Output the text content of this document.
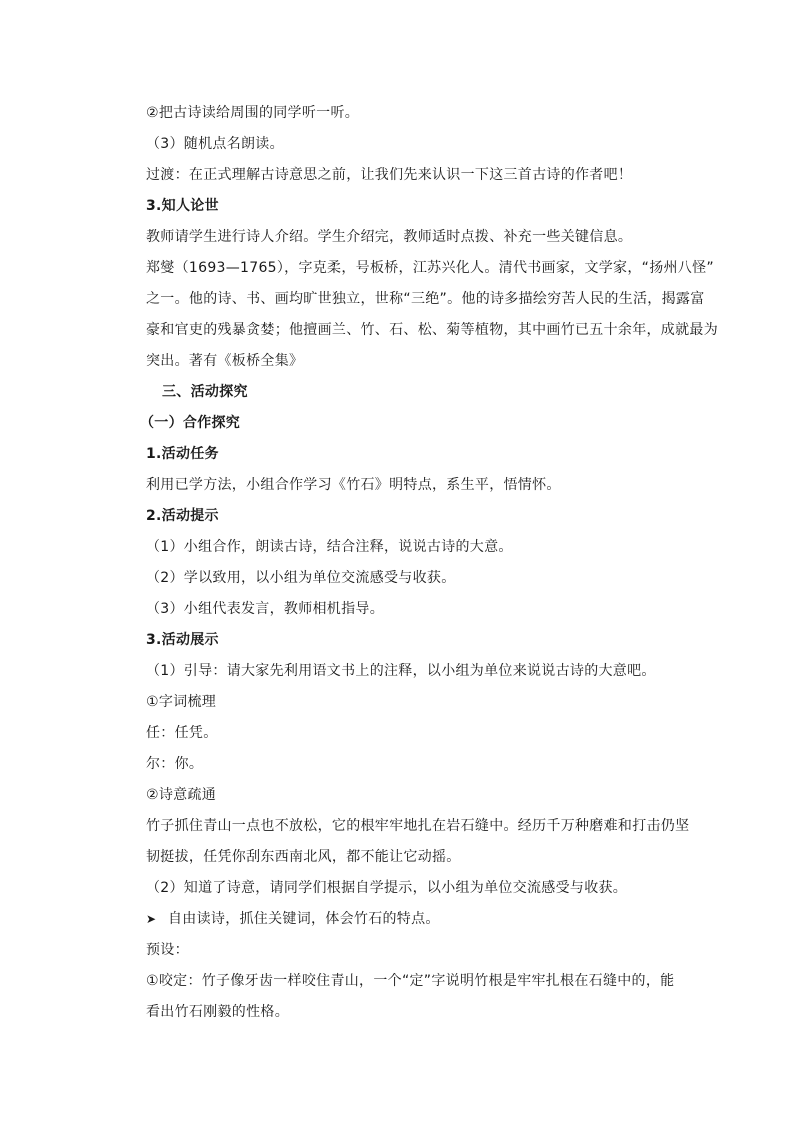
②把古诗读给周围的同学听一听。
（3）随机点名朗读。
过渡：在正式理解古诗意思之前，让我们先来认识一下这三首古诗的作者吧！
3.知人论世
教师请学生进行诗人介绍。学生介绍完，教师适时点拨、补充一些关键信息。
郑燮（1693—1765），字克柔，号板桥，江苏兴化人。清代书画家，文学家，“扬州八怪”
之一。他的诗、书、画均旷世独立，世称“三绝”。他的诗多描绘穷苦人民的生活，揭露富
豪和官吏的残暴贪婪；他擅画兰、竹、石、松、菊等植物，其中画竹已五十余年，成就最为
突出。著有《板桥全集》
三、活动探究
（一）合作探究
1.活动任务
利用已学方法，小组合作学习《竹石》明特点，系生平，悟情怀。
2.活动提示
（1）小组合作，朗读古诗，结合注释，说说古诗的大意。
（2）学以致用，以小组为单位交流感受与收获。
（3）小组代表发言，教师相机指导。
3.活动展示
（1）引导：请大家先利用语文书上的注释，以小组为单位来说说古诗的大意吧。
①字词梳理
任：任凭。
尔：你。
②诗意疏通
竹子抓住青山一点也不放松，它的根牢牢地扎在岩石缝中。经历千万种磨难和打击仍坚
韧挺拔，任凭你刮东西南北风，都不能让它动摇。
（2）知道了诗意，请同学们根据自学提示，以小组为单位交流感受与收获。
➤ 自由读诗，抓住关键词，体会竹石的特点。
预设：
①咬定：竹子像牙齿一样咬住青山，一个“定”字说明竹根是牢牢扎根在石缝中的，能
看出竹石刚毅的性格。
